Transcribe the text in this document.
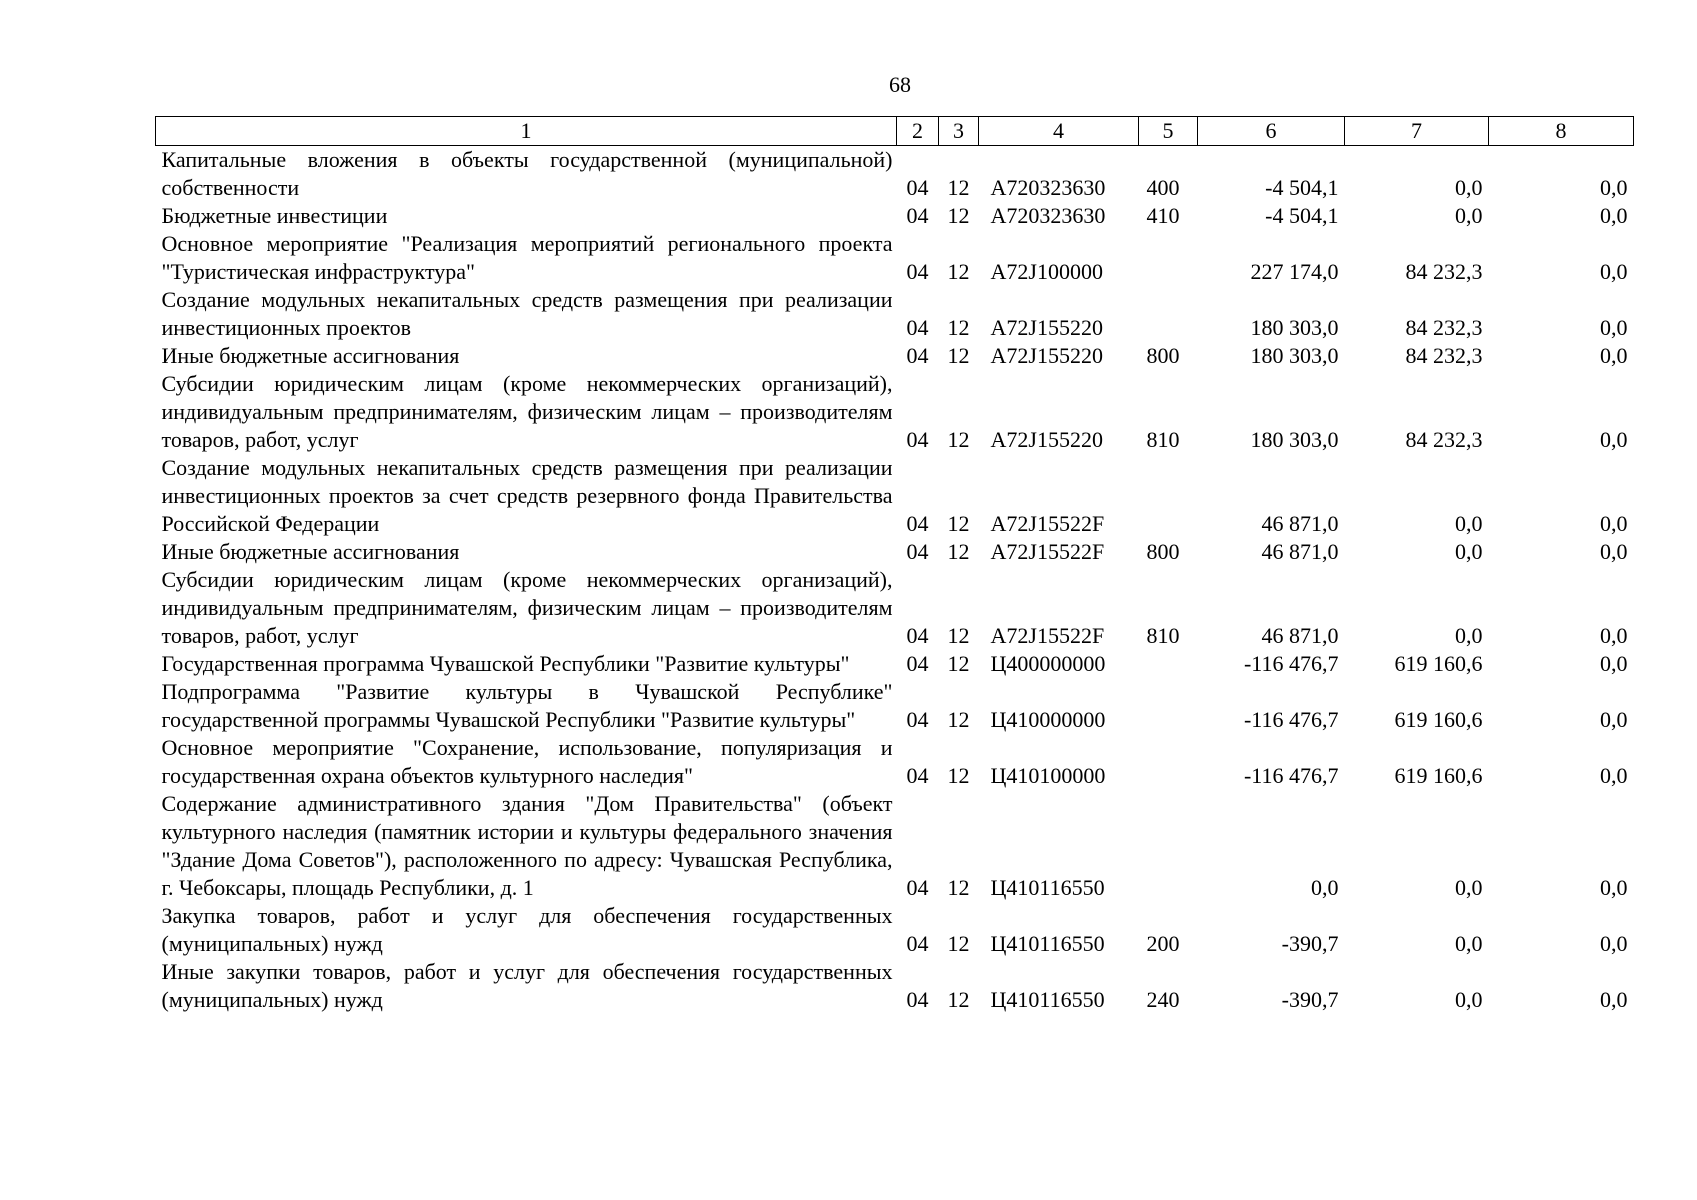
68
1	2	3	4	5	6	7	8
Капитальные вложения в объекты государственной (муниципальной) собственности	04	12	А720323630	400	-4 504,1	0,0	0,0
Бюджетные инвестиции	04	12	А720323630	410	-4 504,1	0,0	0,0
Основное мероприятие "Реализация мероприятий регионального проекта "Туристическая инфраструктура"	04	12	А72J100000		227 174,0	84 232,3	0,0
Создание модульных некапитальных средств размещения при реализации инвестиционных проектов	04	12	А72J155220		180 303,0	84 232,3	0,0
Иные бюджетные ассигнования	04	12	А72J155220	800	180 303,0	84 232,3	0,0
Субсидии юридическим лицам (кроме некоммерческих организаций), индивидуальным предпринимателям, физическим лицам – производителям товаров, работ, услуг	04	12	А72J155220	810	180 303,0	84 232,3	0,0
Создание модульных некапитальных средств размещения при реализации инвестиционных проектов за счет средств резервного фонда Правительства Российской Федерации	04	12	А72J15522F		46 871,0	0,0	0,0
Иные бюджетные ассигнования	04	12	А72J15522F	800	46 871,0	0,0	0,0
Субсидии юридическим лицам (кроме некоммерческих организаций), индивидуальным предпринимателям, физическим лицам – производителям товаров, работ, услуг	04	12	А72J15522F	810	46 871,0	0,0	0,0
Государственная программа Чувашской Республики "Развитие культуры"	04	12	Ц400000000		-116 476,7	619 160,6	0,0
Подпрограмма "Развитие культуры в Чувашской Республике" государственной программы Чувашской Республики "Развитие культуры"	04	12	Ц410000000		-116 476,7	619 160,6	0,0
Основное мероприятие "Сохранение, использование, популяризация и государственная охрана объектов культурного наследия"	04	12	Ц410100000		-116 476,7	619 160,6	0,0
Содержание административного здания "Дом Правительства" (объект культурного наследия (памятник истории и культуры федерального значения "Здание Дома Советов"), расположенного по адресу: Чувашская Республика, г. Чебоксары, площадь Республики, д. 1	04	12	Ц410116550		0,0	0,0	0,0
Закупка товаров, работ и услуг для обеспечения государственных (муниципальных) нужд	04	12	Ц410116550	200	-390,7	0,0	0,0
Иные закупки товаров, работ и услуг для обеспечения государственных (муниципальных) нужд	04	12	Ц410116550	240	-390,7	0,0	0,0
